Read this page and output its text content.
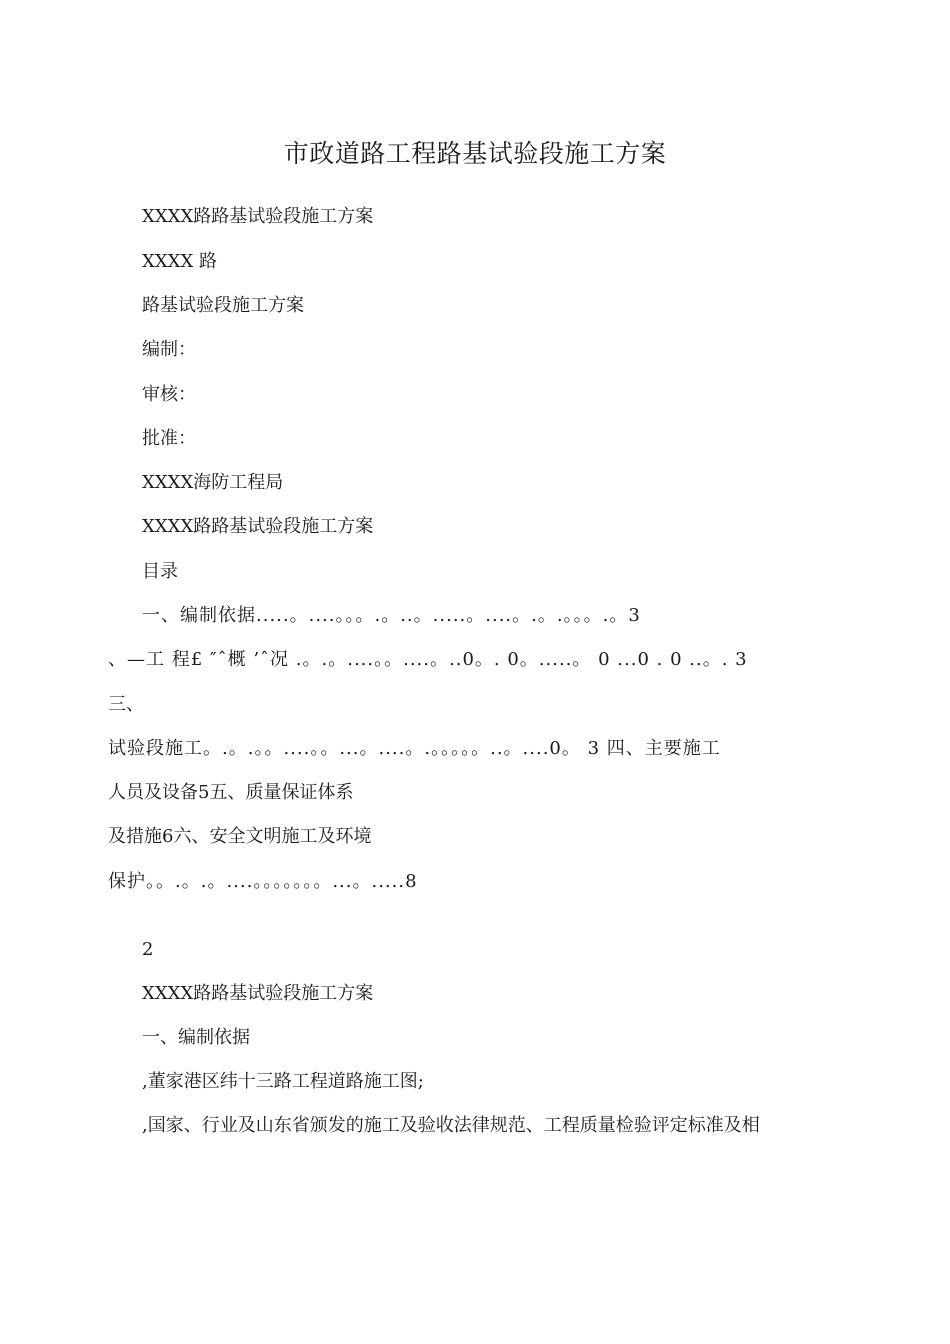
市政道路工程路基试验段施工方案
XXXX路路基试验段施工方案
XXXX 路
路基试验段施工方案
编制：
审核：
批准：
XXXX海防工程局
XXXX路路基试验段施工方案
目录
一、编制依据.....。....。。。.。..。.....。....。.。.。。。.。3
、—工 程£ ″ˆ概 ’ˆ况 .。.。....。。....。..0。. 0。.....。 0 ...0 . 0 ..。. 3
三、
试验段施工。.。.。。....。。...。....。.。。。。。..。....0。 3 四、主要施工
人员及设备5五、质量保证体系
及措施6六、安全文明施工及环境
保护。。.。.。....。。。。。。。...。.....8
2
XXXX路路基试验段施工方案
一、编制依据
,董家港区纬十三路工程道路施工图;
,国家、行业及山东省颁发的施工及验收法律规范、工程质量检验评定标准及相
